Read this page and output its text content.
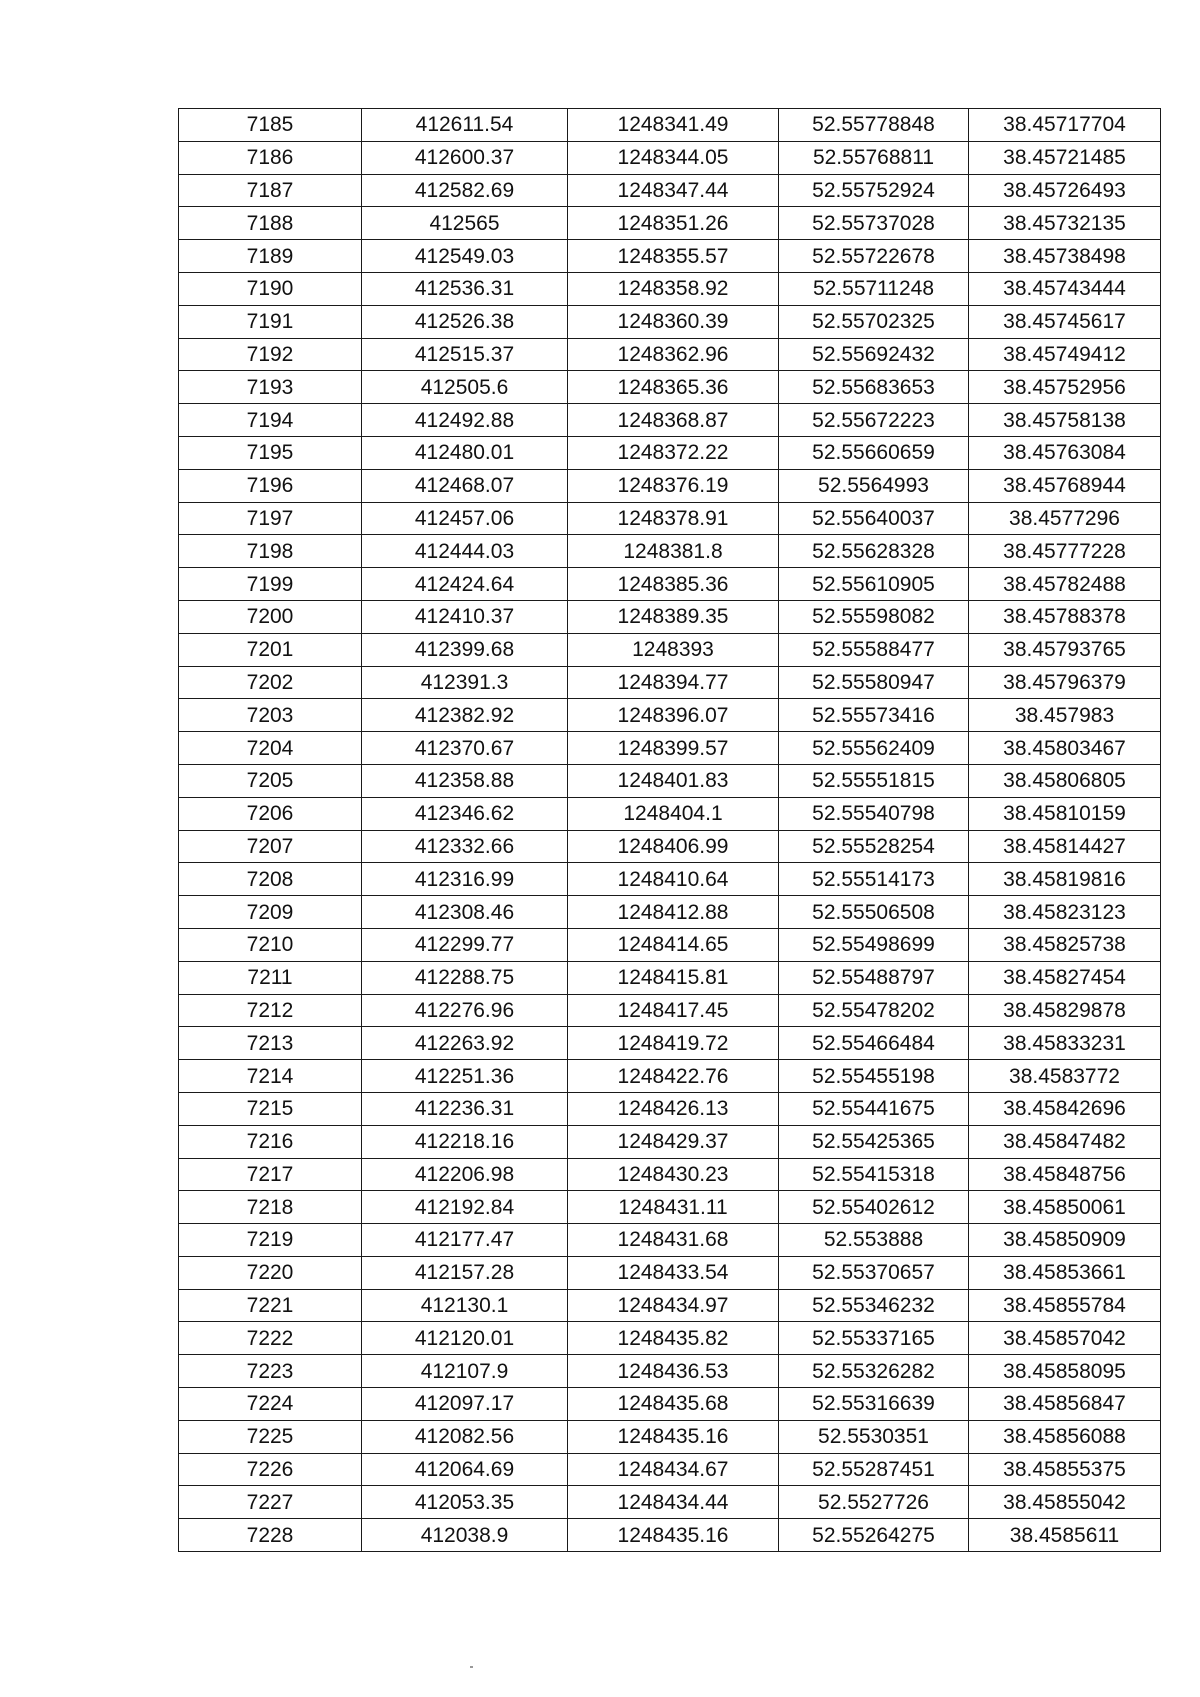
7185	412611.54	1248341.49	52.55778848	38.45717704
7186	412600.37	1248344.05	52.55768811	38.45721485
7187	412582.69	1248347.44	52.55752924	38.45726493
7188	412565	1248351.26	52.55737028	38.45732135
7189	412549.03	1248355.57	52.55722678	38.45738498
7190	412536.31	1248358.92	52.55711248	38.45743444
7191	412526.38	1248360.39	52.55702325	38.45745617
7192	412515.37	1248362.96	52.55692432	38.45749412
7193	412505.6	1248365.36	52.55683653	38.45752956
7194	412492.88	1248368.87	52.55672223	38.45758138
7195	412480.01	1248372.22	52.55660659	38.45763084
7196	412468.07	1248376.19	52.5564993	38.45768944
7197	412457.06	1248378.91	52.55640037	38.4577296
7198	412444.03	1248381.8	52.55628328	38.45777228
7199	412424.64	1248385.36	52.55610905	38.45782488
7200	412410.37	1248389.35	52.55598082	38.45788378
7201	412399.68	1248393	52.55588477	38.45793765
7202	412391.3	1248394.77	52.55580947	38.45796379
7203	412382.92	1248396.07	52.55573416	38.457983
7204	412370.67	1248399.57	52.55562409	38.45803467
7205	412358.88	1248401.83	52.55551815	38.45806805
7206	412346.62	1248404.1	52.55540798	38.45810159
7207	412332.66	1248406.99	52.55528254	38.45814427
7208	412316.99	1248410.64	52.55514173	38.45819816
7209	412308.46	1248412.88	52.55506508	38.45823123
7210	412299.77	1248414.65	52.55498699	38.45825738
7211	412288.75	1248415.81	52.55488797	38.45827454
7212	412276.96	1248417.45	52.55478202	38.45829878
7213	412263.92	1248419.72	52.55466484	38.45833231
7214	412251.36	1248422.76	52.55455198	38.4583772
7215	412236.31	1248426.13	52.55441675	38.45842696
7216	412218.16	1248429.37	52.55425365	38.45847482
7217	412206.98	1248430.23	52.55415318	38.45848756
7218	412192.84	1248431.11	52.55402612	38.45850061
7219	412177.47	1248431.68	52.553888	38.45850909
7220	412157.28	1248433.54	52.55370657	38.45853661
7221	412130.1	1248434.97	52.55346232	38.45855784
7222	412120.01	1248435.82	52.55337165	38.45857042
7223	412107.9	1248436.53	52.55326282	38.45858095
7224	412097.17	1248435.68	52.55316639	38.45856847
7225	412082.56	1248435.16	52.5530351	38.45856088
7226	412064.69	1248434.67	52.55287451	38.45855375
7227	412053.35	1248434.44	52.5527726	38.45855042
7228	412038.9	1248435.16	52.55264275	38.4585611
